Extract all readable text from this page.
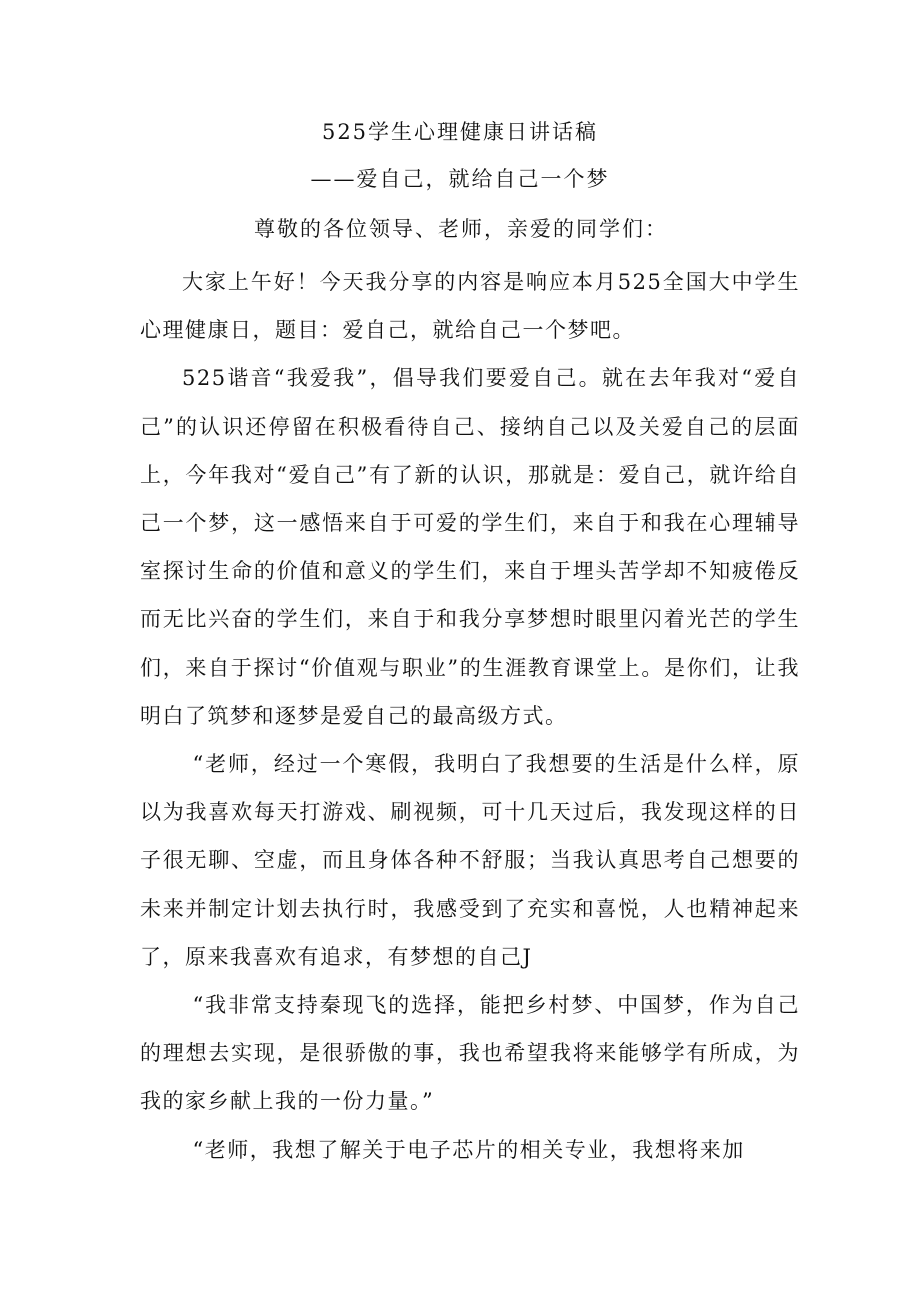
525学生心理健康日讲话稿
——爱自己，就给自己一个梦
尊敬的各位领导、老师，亲爱的同学们：

大家上午好！今天我分享的内容是响应本月525全国大中学生心理健康日，题目：爱自己，就给自己一个梦吧。

525谐音“我爱我”，倡导我们要爱自己。就在去年我对“爱自己”的认识还停留在积极看待自己、接纳自己以及关爱自己的层面上，今年我对“爱自己”有了新的认识，那就是：爱自己，就许给自己一个梦，这一感悟来自于可爱的学生们，来自于和我在心理辅导室探讨生命的价值和意义的学生们，来自于埋头苦学却不知疲倦反而无比兴奋的学生们，来自于和我分享梦想时眼里闪着光芒的学生们，来自于探讨“价值观与职业”的生涯教育课堂上。是你们，让我明白了筑梦和逐梦是爱自己的最高级方式。

“老师，经过一个寒假，我明白了我想要的生活是什么样，原以为我喜欢每天打游戏、刷视频，可十几天过后，我发现这样的日子很无聊、空虚，而且身体各种不舒服；当我认真思考自己想要的未来并制定计划去执行时，我感受到了充实和喜悦，人也精神起来了，原来我喜欢有追求，有梦想的自己J

“我非常支持秦现飞的选择，能把乡村梦、中国梦，作为自己的理想去实现，是很骄傲的事，我也希望我将来能够学有所成，为我的家乡献上我的一份力量。”

“老师，我想了解关于电子芯片的相关专业，我想将来加
